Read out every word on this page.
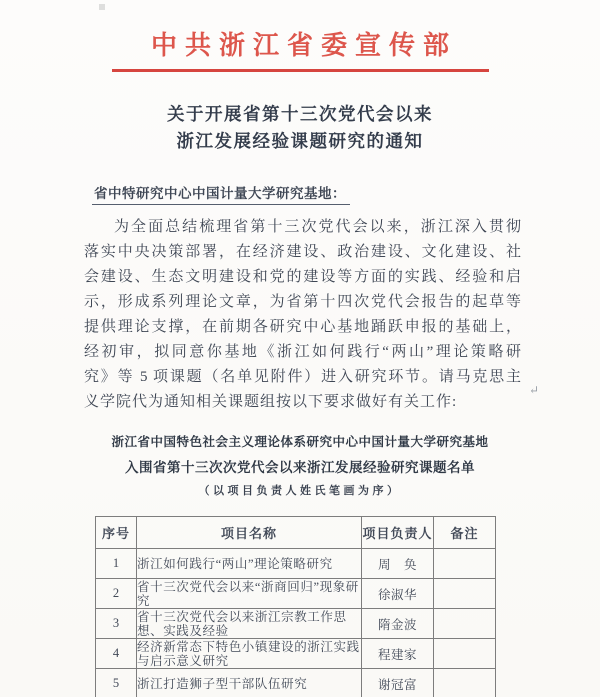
中共浙江省委宣传部
关于开展省第十三次党代会以来
浙江发展经验课题研究的通知
省中特研究中心中国计量大学研究基地：
为全面总结梳理省第十三次党代会以来，浙江深入贯彻
落实中央决策部署，在经济建设、政治建设、文化建设、社
会建设、生态文明建设和党的建设等方面的实践、经验和启
示，形成系列理论文章，为省第十四次党代会报告的起草等
提供理论支撑，在前期各研究中心基地踊跃申报的基础上，
经初审，拟同意你基地《浙江如何践行“两山”理论策略研
究》等 5 项课题（名单见附件）进入研究环节。请马克思主
义学院代为通知相关课题组按以下要求做好有关工作:
↵
浙江省中国特色社会主义理论体系研究中心中国计量大学研究基地
入围省第十三次次党代会以来浙江发展经验研究课题名单
（以项目负责人姓氏笔画为序）
序号	项目名称	项目负责人	备注
1	浙江如何践行“两山”理论策略研究	周　奂	
2	省十三次党代会以来“浙商回归”现象研究	徐淑华	
3	省十三次党代会以来浙江宗教工作思想、实践及经验	隋金波	
4	经济新常态下特色小镇建设的浙江实践与启示意义研究	程建家	
5	浙江打造狮子型干部队伍研究	谢冠富	
